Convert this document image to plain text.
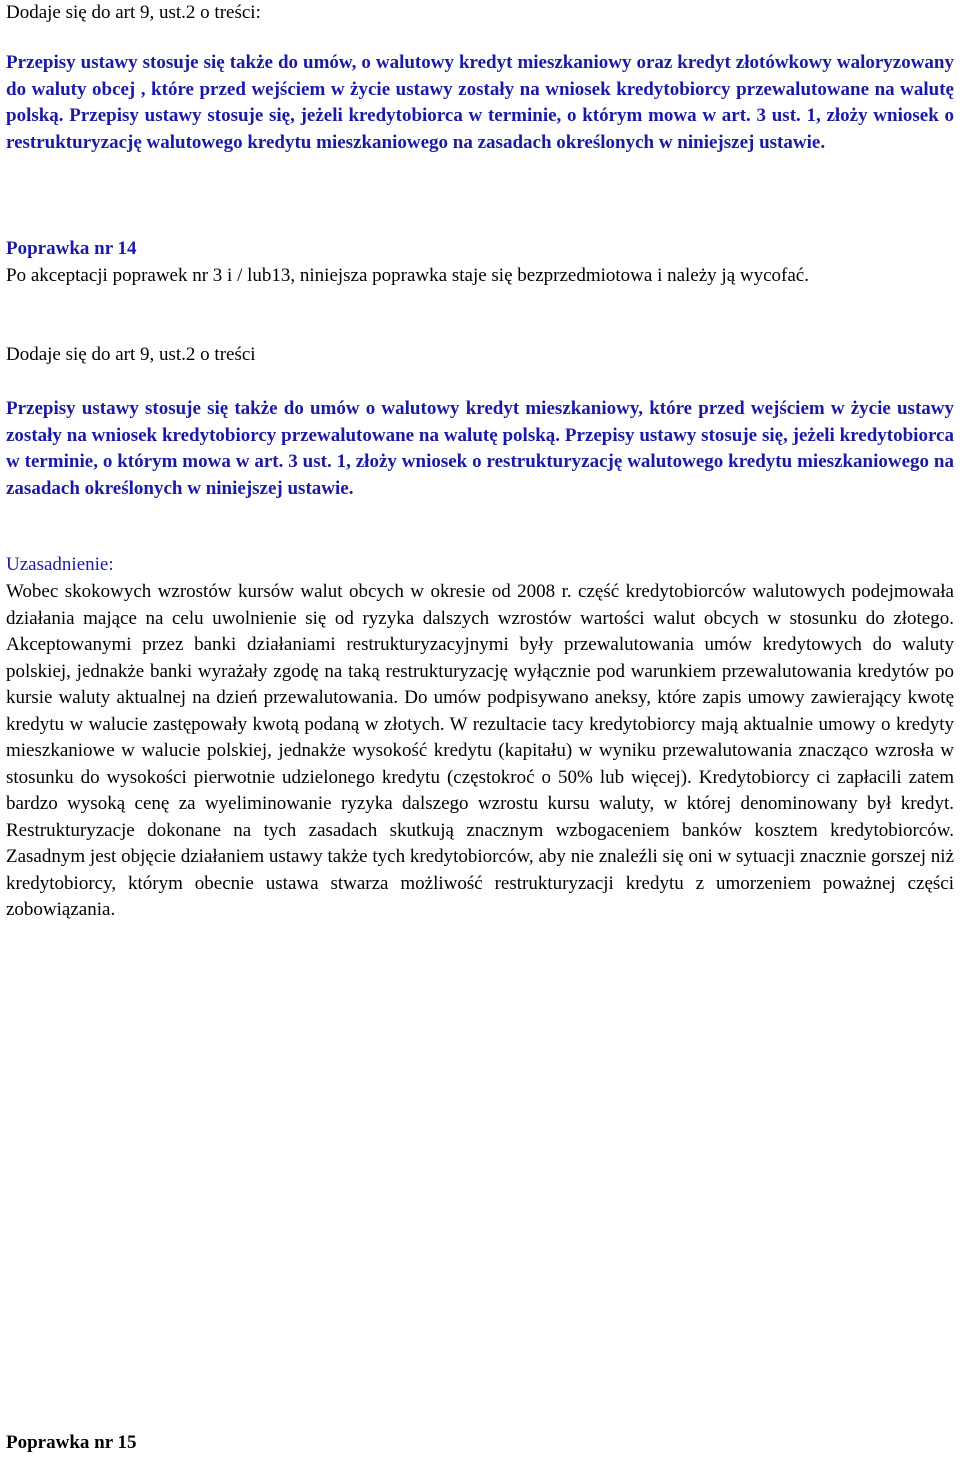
Dodaje się do art 9, ust.2 o treści:

Przepisy ustawy stosuje się także do umów, o walutowy kredyt mieszkaniowy oraz kredyt złotówkowy waloryzowany do waluty obcej , które przed wejściem w życie ustawy zostały na wniosek kredytobiorcy przewalutowane na walutę polską. Przepisy ustawy stosuje się, jeżeli kredytobiorca w terminie, o którym mowa w art. 3 ust. 1, złoży wniosek o restrukturyzację walutowego kredytu mieszkaniowego na zasadach określonych w niniejszej ustawie.

Poprawka nr 14

Po akceptacji poprawek nr 3 i / lub13, niniejsza poprawka staje się bezprzedmiotowa i należy ją wycofać.

Dodaje się do art 9, ust.2 o treści

Przepisy ustawy stosuje się także do umów o walutowy kredyt mieszkaniowy, które przed wejściem w życie ustawy zostały na wniosek kredytobiorcy przewalutowane na walutę polską. Przepisy ustawy stosuje się, jeżeli kredytobiorca w terminie, o którym mowa w art. 3 ust. 1, złoży wniosek o restrukturyzację walutowego kredytu mieszkaniowego na zasadach określonych w niniejszej ustawie.

Uzasadnienie:

Wobec skokowych wzrostów kursów walut obcych w okresie od 2008 r. część kredytobiorców walutowych podejmowała działania mające na celu uwolnienie się od ryzyka dalszych wzrostów wartości walut obcych w stosunku do złotego. Akceptowanymi przez banki działaniami restrukturyzacyjnymi były przewalutowania umów kredytowych do waluty polskiej, jednakże banki wyrażały zgodę na taką restrukturyzację wyłącznie pod warunkiem przewalutowania kredytów po kursie waluty aktualnej na dzień przewalutowania. Do umów podpisywano aneksy, które zapis umowy zawierający kwotę kredytu w walucie zastępowały kwotą podaną w złotych. W rezultacie tacy kredytobiorcy mają aktualnie umowy o kredyty mieszkaniowe w walucie polskiej, jednakże wysokość kredytu (kapitału) w wyniku przewalutowania znacząco wzrosła w stosunku do wysokości pierwotnie udzielonego kredytu (częstokroć o 50% lub więcej). Kredytobiorcy ci zapłacili zatem bardzo wysoką cenę za wyeliminowanie ryzyka dalszego wzrostu kursu waluty, w której denominowany był kredyt. Restrukturyzacje dokonane na tych zasadach skutkują znacznym wzbogaceniem banków kosztem kredytobiorców. Zasadnym jest objęcie działaniem ustawy także tych kredytobiorców, aby nie znaleźli się oni w sytuacji znacznie gorszej niż kredytobiorcy, którym obecnie ustawa stwarza możliwość restrukturyzacji kredytu z umorzeniem poważnej części zobowiązania.

Poprawka nr 15
